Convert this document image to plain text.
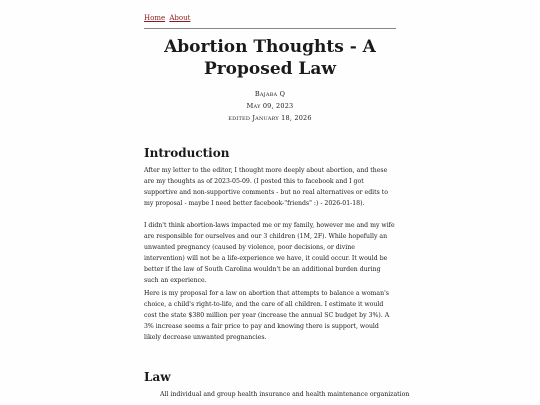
Home About
Abortion Thoughts - A Proposed Law
Bajaba Q
May 09, 2023
edited January 18, 2026
Introduction

After my letter to the editor, I thought more deeply about abortion, and these are my thoughts as of 2023-05-09. (I posted this to facebook and I got supportive and non-supportive comments - but no real alternatives or edits to my proposal - maybe I need better facebook-"friends" :) - 2026-01-18).

I didn't think abortion-laws impacted me or my family, however me and my wife are responsible for ourselves and our 3 children (1M, 2F). While hopefully an unwanted pregnancy (caused by violence, poor decisions, or divine intervention) will not be a life-experience we have, it could occur. It would be better if the law of South Carolina wouldn't be an additional burden during such an experience.

Here is my proposal for a law on abortion that attempts to balance a woman's choice, a child's right-to-life, and the care of all children. I estimate it would cost the state $380 million per year (increase the annual SC budget by 3%). A 3% increase seems a fair price to pay and knowing there is support, would likely decrease unwanted pregnancies.

Law
1. All individual and group health insurance and health maintenance organization
